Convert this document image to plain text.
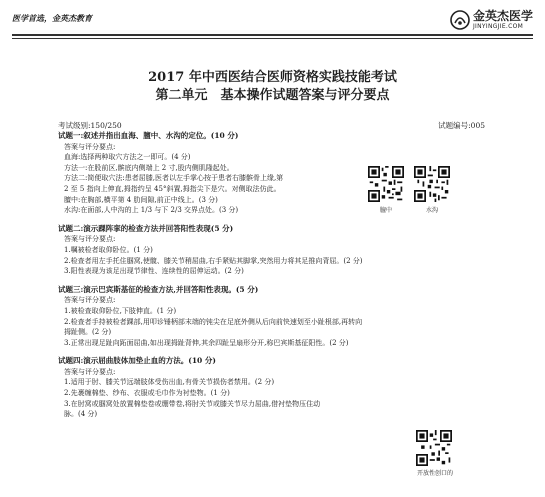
医学首选，金英杰教育	金英杰医学
JINYINGJIE.COM
2017 年中西医结合医师资格实践技能考试
第二单元　基本操作试题答案与评分要点
考试级别:150/250	试题编号:005
试题一:叙述并指出血海、膻中、水沟的定位。(10 分)
答案与评分要点:
血海:选择两种取穴方法之一即可。(4 分)
方法一:在股前区,髌底内侧端上 2 寸,股内侧肌隆起处。
方法二:简便取穴法:患者屈膝,医者以左手掌心按于患者右膝髌骨上缘,第
2 至 5 指向上伸直,拇指约呈 45°斜置,拇指尖下是穴。对侧取法仿此。
膻中:在胸部,横平第 4 肋间隙,前正中线上。(3 分)
水沟:在面部,人中沟的上 1/3 与下 2/3 交界点处。(3 分)
试题二:演示踝阵挛的检查方法并回答阳性表现(5 分)
答案与评分要点:
1.嘱被检者取仰卧位。(1 分)
2.检查者用左手托住腘窝,使髋、膝关节稍屈曲,右手紧贴其脚掌,突然用力将其足推向背屈。(2 分)
3.阳性表现为该足出现节律性、连续性的屈伸运动。(2 分)
试题三:演示巴宾斯基征的检查方法,并回答阳性表现。(5 分)
答案与评分要点:
1.被检查取仰卧位,下肢伸直。(1 分)
2.检查者手持被检者踝部,用叩诊锤柄部末端的钝尖在足底外侧从后向前快速划至小趾根部,再转向
拇趾侧。(2 分)
3.正常出现足趾向跖面屈曲,如出现拇趾背伸,其余四趾呈扇形分开,称巴宾斯基征阳性。(2 分)
试题四:演示屈曲肢体加垫止血的方法。(10 分)
答案与评分要点:
1.适用于肘、膝关节远端肢体受伤出血,有骨关节损伤者禁用。(2 分)
2.先裹缠棉垫、纱布、衣服或毛巾作为衬垫物。(1 分)
3.在肘窝或腘窝处放置棉垫卷或绷带卷,将肘关节或膝关节尽力屈曲,借衬垫物压住动
脉。(4 分)
膻中	水沟
开放性创口的
